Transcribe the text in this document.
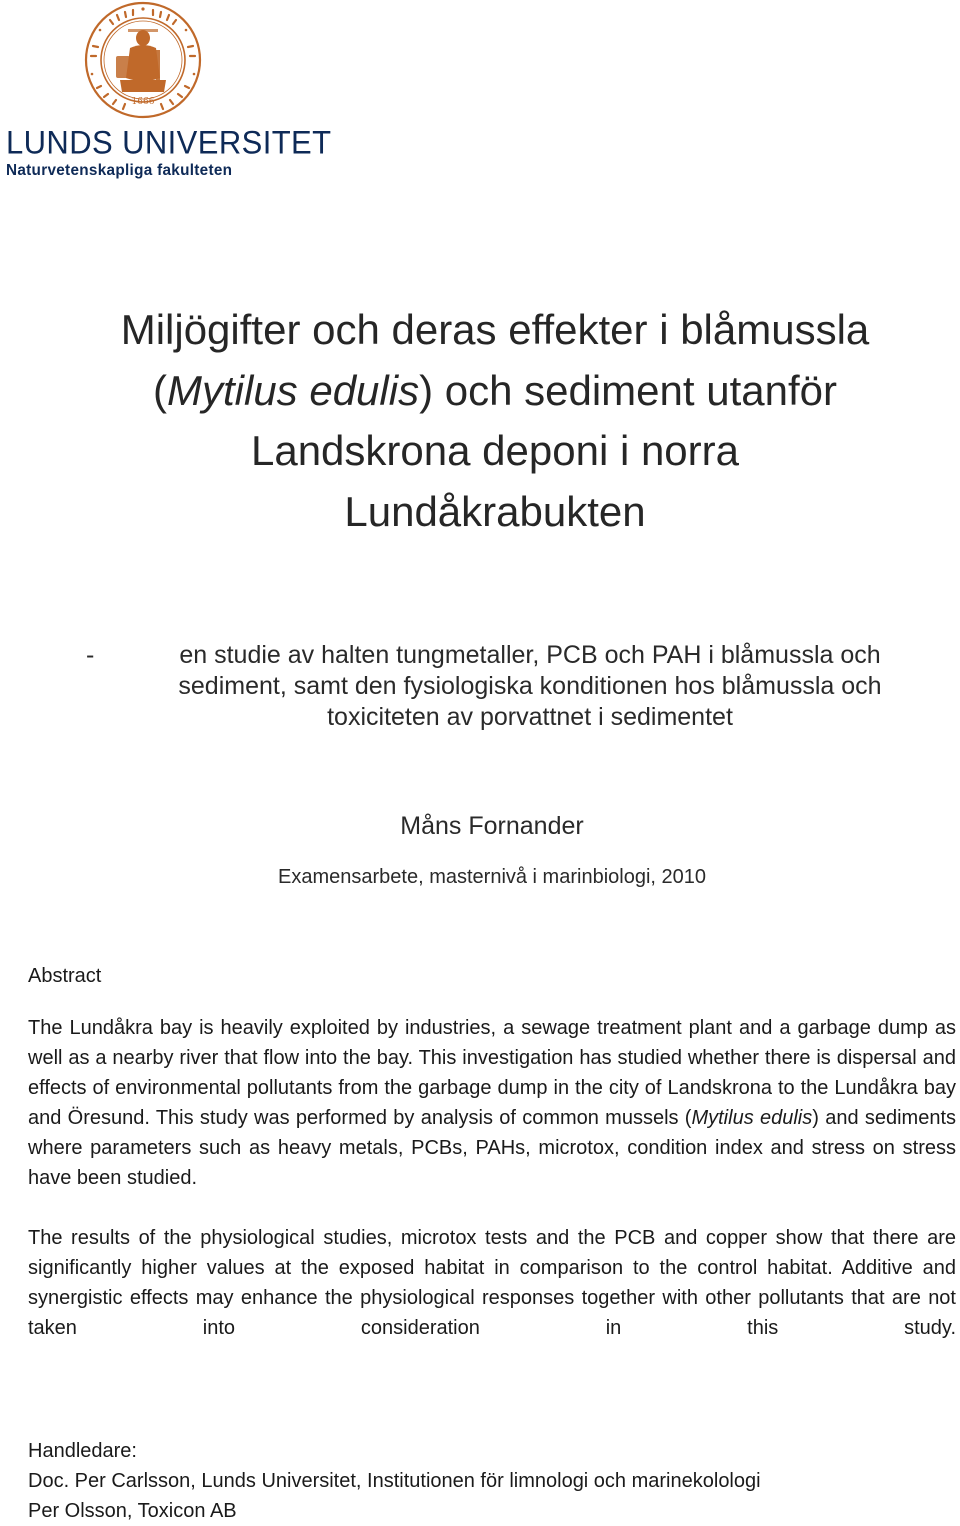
1666
LUNDS UNIVERSITET
Naturvetenskapliga fakulteten
Miljögifter och deras effekter i blåmussla
(Mytilus edulis) och sediment utanför
Landskrona deponi i norra
Lundåkrabukten
-	en studie av halten tungmetaller, PCB och PAH i blåmussla och
sediment, samt den fysiologiska konditionen hos blåmussla och
toxiciteten av porvattnet i sedimentet
Måns Fornander
Examensarbete, masternivå i marinbiologi, 2010
Abstract

The Lundåkra bay is heavily exploited by industries, a sewage treatment plant and a garbage dump as well as a nearby river that flow into the bay. This investigation has studied whether there is dispersal and effects of environmental pollutants from the garbage dump in the city of Landskrona to the Lundåkra bay and Öresund. This study was performed by analysis of common mussels (Mytilus edulis) and sediments where parameters such as heavy metals, PCBs, PAHs, microtox, condition index and stress on stress have been studied.

The results of the physiological studies, microtox tests and the PCB and copper show that there are significantly higher values at the exposed habitat in comparison to the control habitat. Additive and synergistic effects may enhance the physiological responses together with other pollutants that are not taken into consideration in this study.

Handledare:
Doc. Per Carlsson, Lunds Universitet, Institutionen för limnologi och marinekolologi
Per Olsson, Toxicon AB
